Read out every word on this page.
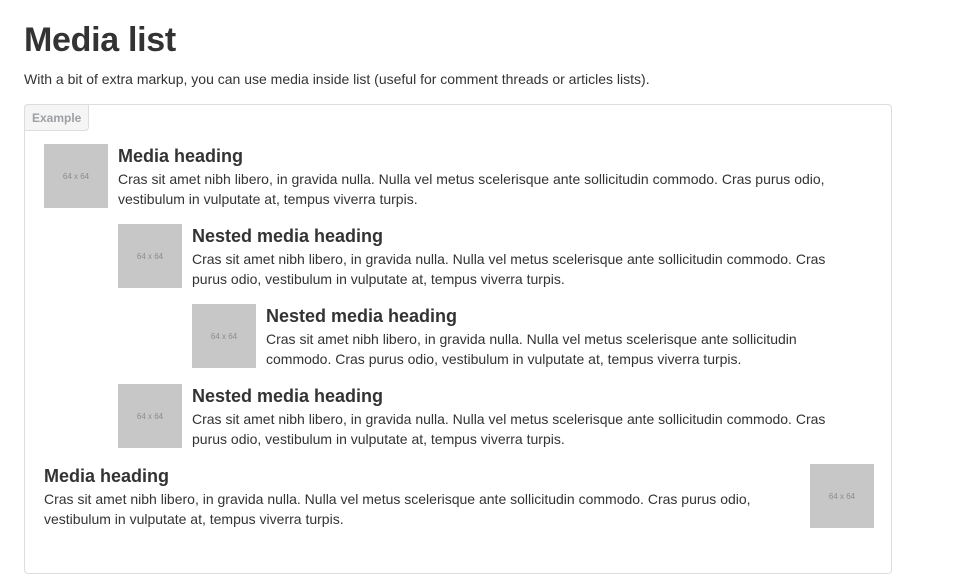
Media list

With a bit of extra markup, you can use media inside list (useful for comment threads or articles lists).

Example
64 x 64
Media heading

Cras sit amet nibh libero, in gravida nulla. Nulla vel metus scelerisque ante sollicitudin commodo. Cras purus odio, vestibulum in vulputate at, tempus viverra turpis.

64 x 64
Nested media heading

Cras sit amet nibh libero, in gravida nulla. Nulla vel metus scelerisque ante sollicitudin commodo. Cras purus odio, vestibulum in vulputate at, tempus viverra turpis.

64 x 64
Nested media heading

Cras sit amet nibh libero, in gravida nulla. Nulla vel metus scelerisque ante sollicitudin commodo. Cras purus odio, vestibulum in vulputate at, tempus viverra turpis.

64 x 64
Nested media heading

Cras sit amet nibh libero, in gravida nulla. Nulla vel metus scelerisque ante sollicitudin commodo. Cras purus odio, vestibulum in vulputate at, tempus viverra turpis.

Media heading

Cras sit amet nibh libero, in gravida nulla. Nulla vel metus scelerisque ante sollicitudin commodo. Cras purus odio, vestibulum in vulputate at, tempus viverra turpis.

64 x 64
